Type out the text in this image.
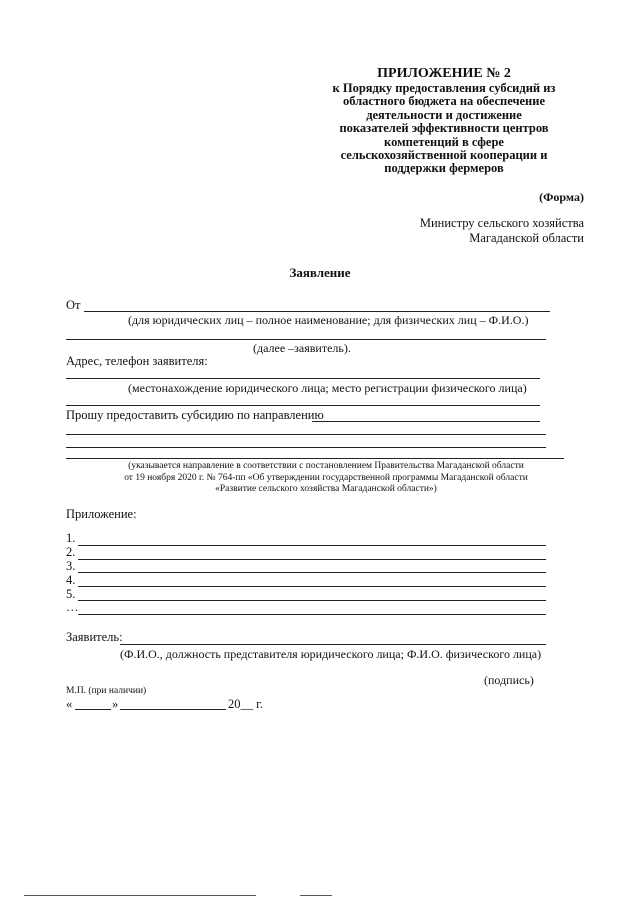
ПРИЛОЖЕНИЕ № 2
к Порядку предоставления субсидий из
областного бюджета на обеспечение
деятельности и достижение
показателей эффективности центров
компетенций в сфере
сельскохозяйственной кооперации и
поддержки фермеров
(Форма)
Министру сельского хозяйства
Магаданской области
Заявление
От
(для юридических лиц – полное наименование; для физических лиц – Ф.И.О.)
(далее –заявитель).
Адрес, телефон заявителя:
(местонахождение юридического лица; место регистрации физического лица)
Прошу предоставить субсидию по направлению
(указывается направление в соответствии с постановлением Правительства Магаданской области
от 19 ноября 2020 г. № 764-пп «Об утверждении государственной программы Магаданской области
«Развитие сельского хозяйства Магаданской области»)
Приложение:
1.
2.
3.
4.
5.
…
Заявитель:
(Ф.И.О., должность представителя юридического лица; Ф.И.О. физического лица)
(подпись)
М.П. (при наличии)
«	»	20__ г.
